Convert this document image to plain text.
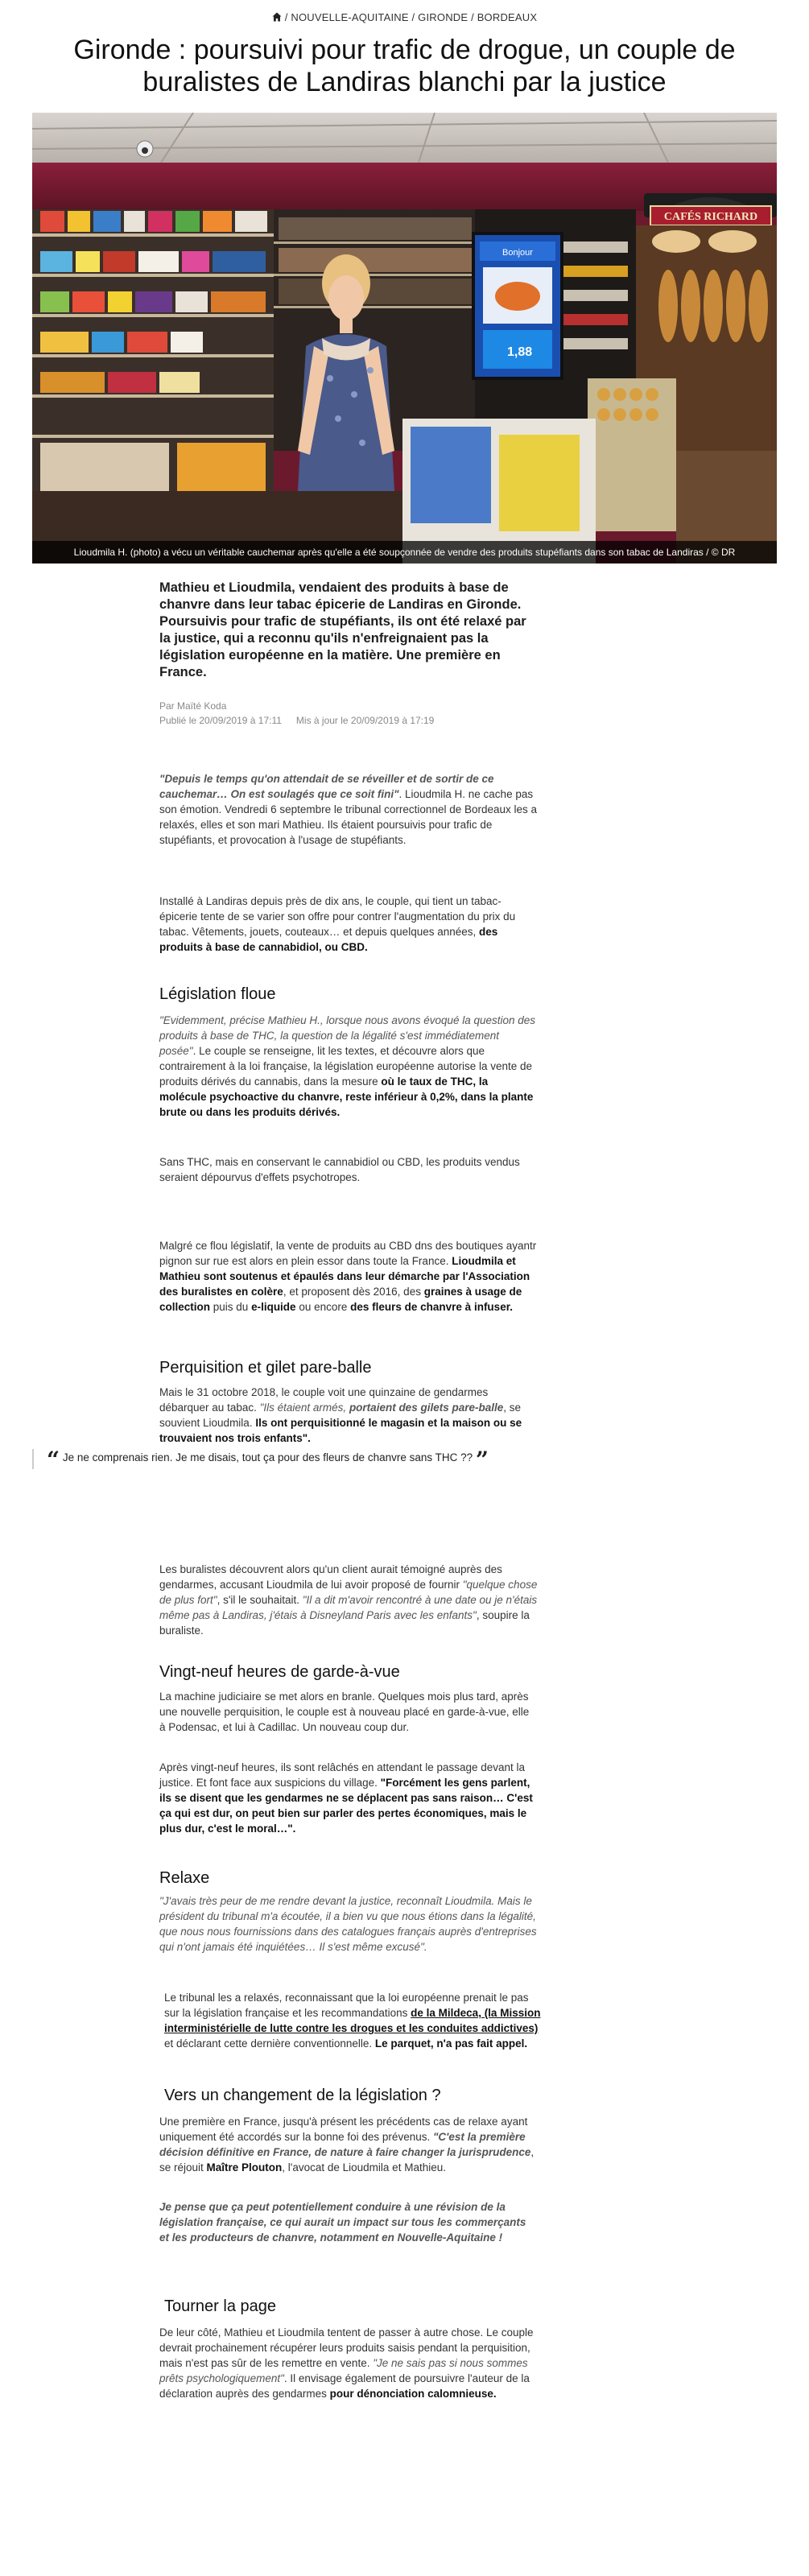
/ NOUVELLE-AQUITAINE / GIRONDE / BORDEAUX
Gironde : poursuivi pour trafic de drogue, un couple de buralistes de Landiras blanchi par la justice
Bonjour
1,88
CAFÉS RICHARD
Lioudmila H. (photo) a vécu un véritable cauchemar après qu'elle a été soupçonnée de vendre des produits stupéfiants dans son tabac de Landiras / © DR

Mathieu et Lioudmila, vendaient des produits à base de chanvre dans leur tabac épicerie de Landiras en Gironde. Poursuivis pour trafic de stupéfiants, ils ont été relaxé par la justice, qui a reconnu qu'ils n'enfreignaient pas la législation européenne en la matière. Une première en France.

Par Maïté Koda
Publié le 20/09/2019 à 17:11 Mis à jour le 20/09/2019 à 17:19

"Depuis le temps qu'on attendait de se réveiller et de sortir de ce cauchemar… On est soulagés que ce soit fini". Lioudmila H. ne cache pas son émotion. Vendredi 6 septembre le tribunal correctionnel de Bordeaux les a relaxés, elles et son mari Mathieu. Ils étaient poursuivis pour trafic de stupéfiants, et provocation à l'usage de stupéfiants.

Installé à Landiras depuis près de dix ans, le couple, qui tient un tabac-épicerie tente de se varier son offre pour contrer l'augmentation du prix du tabac. Vêtements, jouets, couteaux… et depuis quelques années, des produits à base de cannabidiol, ou CBD.

Législation floue

"Evidemment, précise Mathieu H., lorsque nous avons évoqué la question des produits à base de THC, la question de la légalité s'est immédiatement posée". Le couple se renseigne, lit les textes, et découvre alors que contrairement à la loi française, la législation européenne autorise la vente de produits dérivés du cannabis, dans la mesure où le taux de THC, la molécule psychoactive du chanvre, reste inférieur à 0,2%, dans la plante brute ou dans les produits dérivés.

Sans THC, mais en conservant le cannabidiol ou CBD, les produits vendus seraient dépourvus d'effets psychotropes.

Malgré ce flou législatif, la vente de produits au CBD dns des boutiques ayantr pignon sur rue est alors en plein essor dans toute la France. Lioudmila et Mathieu sont soutenus et épaulés dans leur démarche par l'Association des buralistes en colère, et proposent dès 2016, des graines à usage de collection puis du e-liquide ou encore des fleurs de chanvre à infuser.

Perquisition et gilet pare-balle

Mais le 31 octobre 2018, le couple voit une quinzaine de gendarmes débarquer au tabac. "Ils étaient armés, portaient des gilets pare-balle, se souvient Lioudmila. Ils ont perquisitionné le magasin et la maison ou se trouvaient nos trois enfants".

“ Je ne comprenais rien. Je me disais, tout ça pour des fleurs de chanvre sans THC ?? ”

Les buralistes découvrent alors qu'un client aurait témoigné auprès des gendarmes, accusant Lioudmila de lui avoir proposé de fournir "quelque chose de plus fort", s'il le souhaitait. "Il a dit m'avoir rencontré à une date ou je n'étais même pas à Landiras, j'étais à Disneyland Paris avec les enfants", soupire la buraliste.

Vingt-neuf heures de garde-à-vue

La machine judiciaire se met alors en branle. Quelques mois plus tard, après une nouvelle perquisition, le couple est à nouveau placé en garde-à-vue, elle à Podensac, et lui à Cadillac. Un nouveau coup dur.

Après vingt-neuf heures, ils sont relâchés en attendant le passage devant la justice. Et font face aux suspicions du village. "Forcément les gens parlent, ils se disent que les gendarmes ne se déplacent pas sans raison… C'est ça qui est dur, on peut bien sur parler des pertes économiques, mais le plus dur, c'est le moral…".

Relaxe

"J'avais très peur de me rendre devant la justice, reconnaît Lioudmila. Mais le président du tribunal m'a écoutée, il a bien vu que nous étions dans la légalité, que nous nous fournissions dans des catalogues français auprès d'entreprises qui n'ont jamais été inquiétées… Il s'est même excusé".

Le tribunal les a relaxés, reconnaissant que la loi européenne prenait le pas sur la législation française et les recommandations de la Mildeca, (la Mission interministérielle de lutte contre les drogues et les conduites addictives) et déclarant cette dernière conventionnelle. Le parquet, n'a pas fait appel.

Vers un changement de la législation ?

Une première en France, jusqu'à présent les précédents cas de relaxe ayant uniquement été accordés sur la bonne foi des prévenus. "C'est la première décision définitive en France, de nature à faire changer la jurisprudence, se réjouit Maître Plouton, l'avocat de Lioudmila et Mathieu.

Je pense que ça peut potentiellement conduire à une révision de la législation française, ce qui aurait un impact sur tous les commerçants et les producteurs de chanvre, notamment en Nouvelle-Aquitaine !

Tourner la page

De leur côté, Mathieu et Lioudmila tentent de passer à autre chose. Le couple devrait prochainement récupérer leurs produits saisis pendant la perquisition, mais n'est pas sûr de les remettre en vente. "Je ne sais pas si nous sommes prêts psychologiquement". Il envisage également de poursuivre l'auteur de la déclaration auprès des gendarmes pour dénonciation calomnieuse.
